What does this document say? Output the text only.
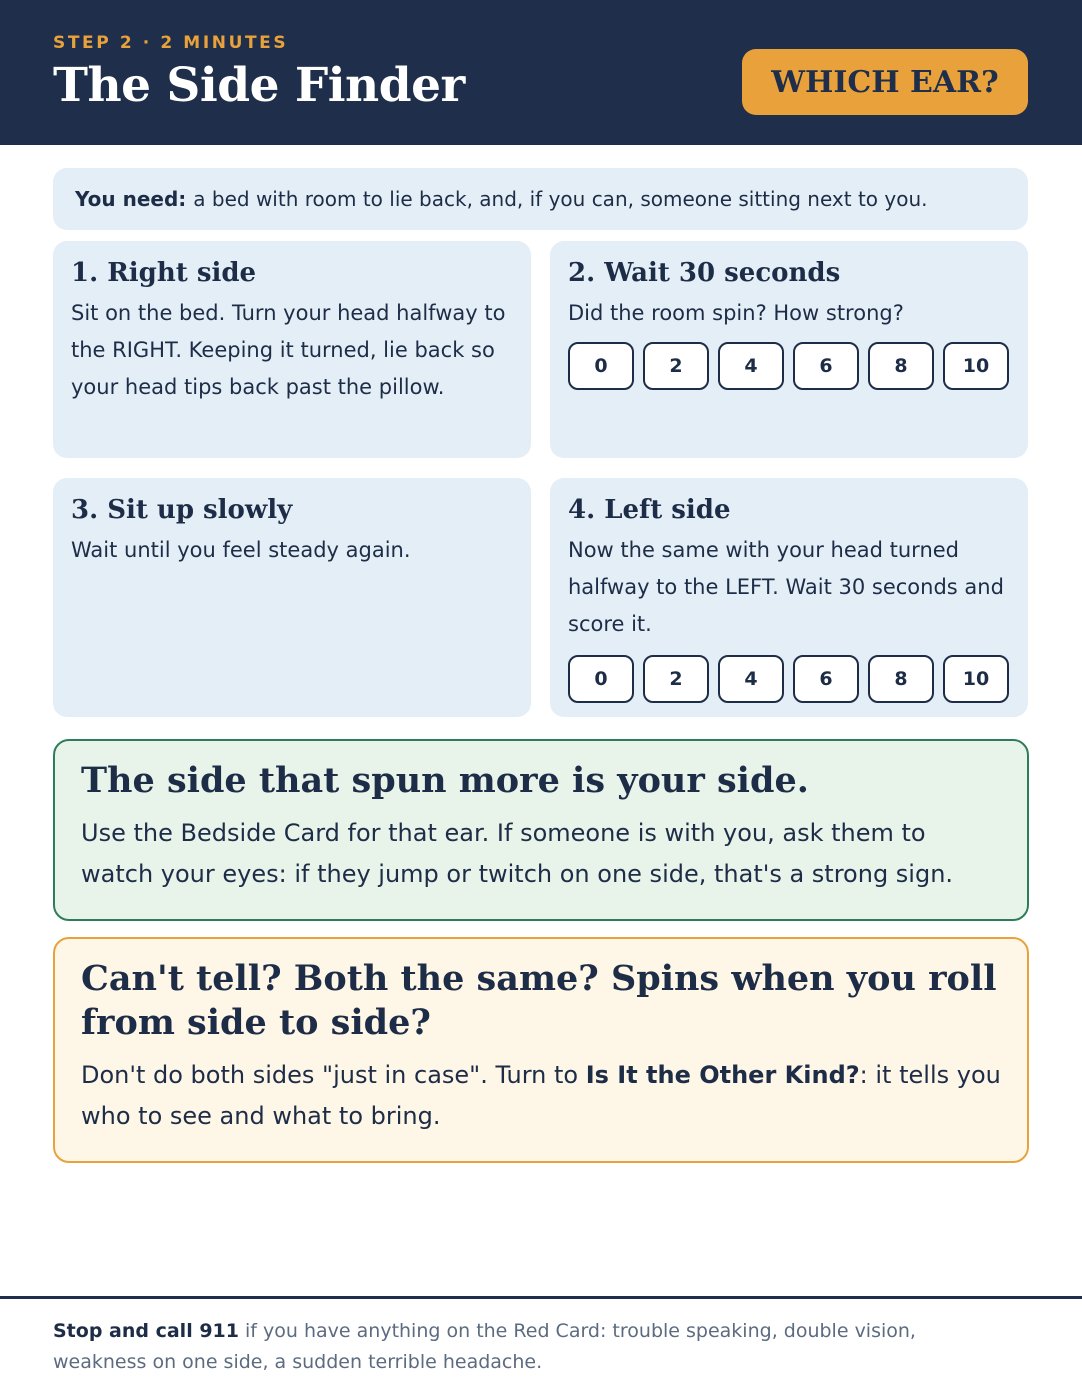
STEP 2 · 2 MINUTES
The Side Finder	WHICH EAR?
You need: a bed with room to lie back, and, if you can, someone sitting next to you.
1. Right side

Sit on the bed. Turn your head halfway to the RIGHT. Keeping it turned, lie back so your head tips back past the pillow.

2. Wait 30 seconds

Did the room spin? How strong?

0	2	4	6	8	10
3. Sit up slowly

Wait until you feel steady again.

4. Left side

Now the same with your head turned halfway to the LEFT. Wait 30 seconds and score it.

0	2	4	6	8	10
The side that spun more is your side.

Use the Bedside Card for that ear. If someone is with you, ask them to watch your eyes: if they jump or twitch on one side, that's a strong sign.

Can't tell? Both the same? Spins when you roll from side to side?

Don't do both sides "just in case". Turn to Is It the Other Kind?: it tells you who to see and what to bring.

Stop and call 911 if you have anything on the Red Card: trouble speaking, double vision, weakness on one side, a sudden terrible headache.
